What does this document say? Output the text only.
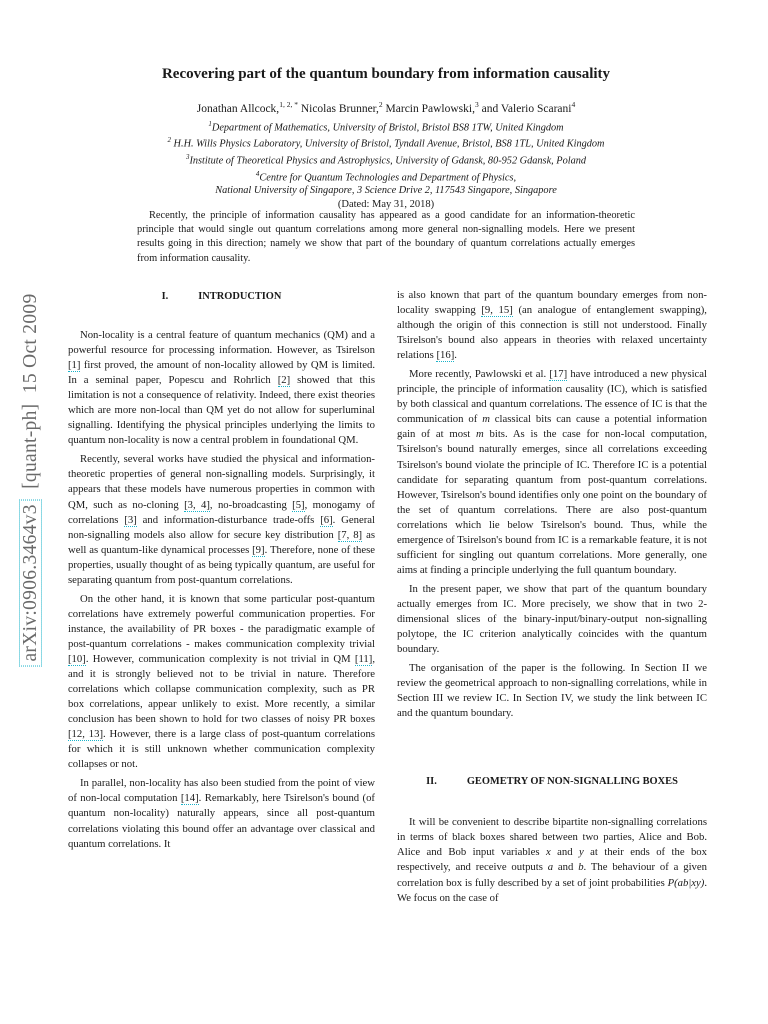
arXiv:0906.3464v3  [quant-ph]  15 Oct 2009
Recovering part of the quantum boundary from information causality
Jonathan Allcock,$^{1, 2, *}$ Nicolas Brunner,$^2$ Marcin Pawlowski,$^3$ and Valerio Scarani$^4$
$^1$Department of Mathematics, University of Bristol, Bristol BS8 1TW, United Kingdom
$^2$ H.H. Wills Physics Laboratory, University of Bristol, Tyndall Avenue, Bristol, BS8 1TL, United Kingdom
$^3$Institute of Theoretical Physics and Astrophysics, University of Gdansk, 80-952 Gdansk, Poland
$^4$Centre for Quantum Technologies and Department of Physics,
National University of Singapore, 3 Science Drive 2, 117543 Singapore, Singapore
(Dated: May 31, 2018)
Recently, the principle of information causality has appeared as a good candidate for an information-theoretic principle that would single out quantum correlations among more general non-signalling models. Here we present results going in this direction; namely we show that part of the boundary of quantum correlations actually emerges from information causality.
I.	INTRODUCTION

Non-locality is a central feature of quantum mechanics (QM) and a powerful resource for processing information. However, as Tsirelson [1] first proved, the amount of non-locality allowed by QM is limited. In a seminal paper, Popescu and Rohrlich [2] showed that this limitation is not a consequence of relativity. Indeed, there exist theories which are more non-local than QM yet do not allow for superluminal signalling. Identifying the physical principles underlying the limits to quantum non-locality is now a central problem in foundational QM.

Recently, several works have studied the physical and information-theoretic properties of general non-signalling models. Surprisingly, it appears that these models have numerous properties in common with QM, such as no-cloning [3, 4], no-broadcasting [5], monogamy of correlations [3] and information-disturbance trade-offs [6]. General non-signalling models also allow for secure key distribution [7, 8] as well as quantum-like dynamical processes [9]. Therefore, none of these properties, usually thought of as being typically quantum, are useful for separating quantum from post-quantum correlations.

On the other hand, it is known that some particular post-quantum correlations have extremely powerful communication properties. For instance, the availability of PR boxes - the paradigmatic example of post-quantum correlations - makes communication complexity trivial [10]. However, communication complexity is not trivial in QM [11], and it is strongly believed not to be trivial in nature. Therefore correlations which collapse communication complexity, such as PR box correlations, appear unlikely to exist. More recently, a similar conclusion has been shown to hold for two classes of noisy PR boxes [12, 13]. However, there is a large class of post-quantum correlations for which it is still unknown whether communication complexity collapses or not.

In parallel, non-locality has also been studied from the point of view of non-local computation [14]. Remarkably, here Tsirelson's bound (of quantum non-locality) naturally appears, since all post-quantum correlations violating this bound offer an advantage over classical and quantum correlations. It

is also known that part of the quantum boundary emerges from non-locality swapping [9, 15] (an analogue of entanglement swapping), although the origin of this connection is still not understood. Finally Tsirelson's bound also appears in theories with relaxed uncertainty relations [16].

More recently, Pawlowski et al. [17] have introduced a new physical principle, the principle of information causality (IC), which is satisfied by both classical and quantum correlations. The essence of IC is that the communication of m classical bits can cause a potential information gain of at most m bits. As is the case for non-local computation, Tsirelson's bound naturally emerges, since all correlations exceeding Tsirelson's bound violate the principle of IC. Therefore IC is a potential candidate for separating quantum from post-quantum correlations. However, Tsirelson's bound identifies only one point on the boundary of the set of quantum correlations. There are also post-quantum correlations which lie below Tsirelson's bound. Thus, while the emergence of Tsirelson's bound from IC is a remarkable feature, it is not sufficient for singling out quantum correlations. More generally, one aims at finding a principle underlying the full quantum boundary.

In the present paper, we show that part of the quantum boundary actually emerges from IC. More precisely, we show that in two 2-dimensional slices of the binary-input/binary-output non-signalling polytope, the IC criterion analytically coincides with the quantum boundary.

The organisation of the paper is the following. In Section II we review the geometrical approach to non-signalling correlations, while in Section III we review IC. In Section IV, we study the link between IC and the quantum boundary.

II.	GEOMETRY OF NON-SIGNALLING BOXES

It will be convenient to describe bipartite non-signalling correlations in terms of black boxes shared between two parties, Alice and Bob. Alice and Bob input variables x and y at their ends of the box respectively, and receive outputs a and b. The behaviour of a given correlation box is fully described by a set of joint probabilities P(ab|xy). We focus on the case of
